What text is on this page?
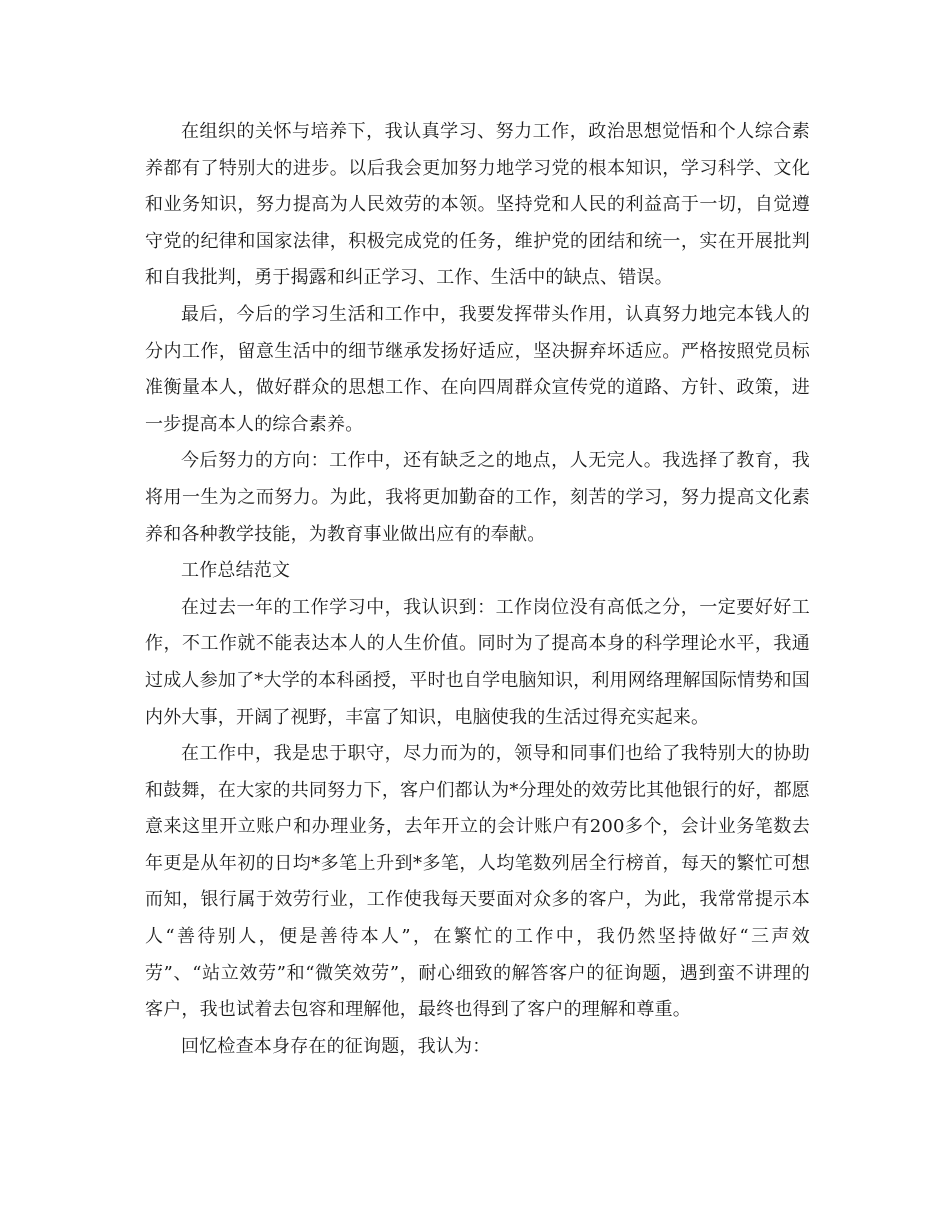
在组织的关怀与培养下，我认真学习、努力工作，政治思想觉悟和个人综合素养都有了特别大的进步。以后我会更加努力地学习党的根本知识，学习科学、文化和业务知识，努力提高为人民效劳的本领。坚持党和人民的利益高于一切，自觉遵守党的纪律和国家法律，积极完成党的任务，维护党的团结和统一，实在开展批判和自我批判，勇于揭露和纠正学习、工作、生活中的缺点、错误。

最后，今后的学习生活和工作中，我要发挥带头作用，认真努力地完本钱人的分内工作，留意生活中的细节继承发扬好适应，坚决摒弃坏适应。严格按照党员标准衡量本人，做好群众的思想工作、在向四周群众宣传党的道路、方针、政策，进一步提高本人的综合素养。

今后努力的方向：工作中，还有缺乏之的地点，人无完人。我选择了教育，我将用一生为之而努力。为此，我将更加勤奋的工作，刻苦的学习，努力提高文化素养和各种教学技能，为教育事业做出应有的奉献。

工作总结范文

在过去一年的工作学习中，我认识到：工作岗位没有高低之分，一定要好好工作，不工作就不能表达本人的人生价值。同时为了提高本身的科学理论水平，我通过成人参加了*大学的本科函授，平时也自学电脑知识，利用网络理解国际情势和国内外大事，开阔了视野，丰富了知识，电脑使我的生活过得充实起来。

在工作中，我是忠于职守，尽力而为的，领导和同事们也给了我特别大的协助和鼓舞，在大家的共同努力下，客户们都认为*分理处的效劳比其他银行的好，都愿意来这里开立账户和办理业务，去年开立的会计账户有200多个，会计业务笔数去年更是从年初的日均*多笔上升到*多笔，人均笔数列居全行榜首，每天的繁忙可想而知，银行属于效劳行业，工作使我每天要面对众多的客户，为此，我常常提示本人“善待别人，便是善待本人”，在繁忙的工作中，我仍然坚持做好“三声效劳”、“站立效劳”和“微笑效劳”，耐心细致的解答客户的征询题，遇到蛮不讲理的客户，我也试着去包容和理解他，最终也得到了客户的理解和尊重。

回忆检查本身存在的征询题，我认为：
